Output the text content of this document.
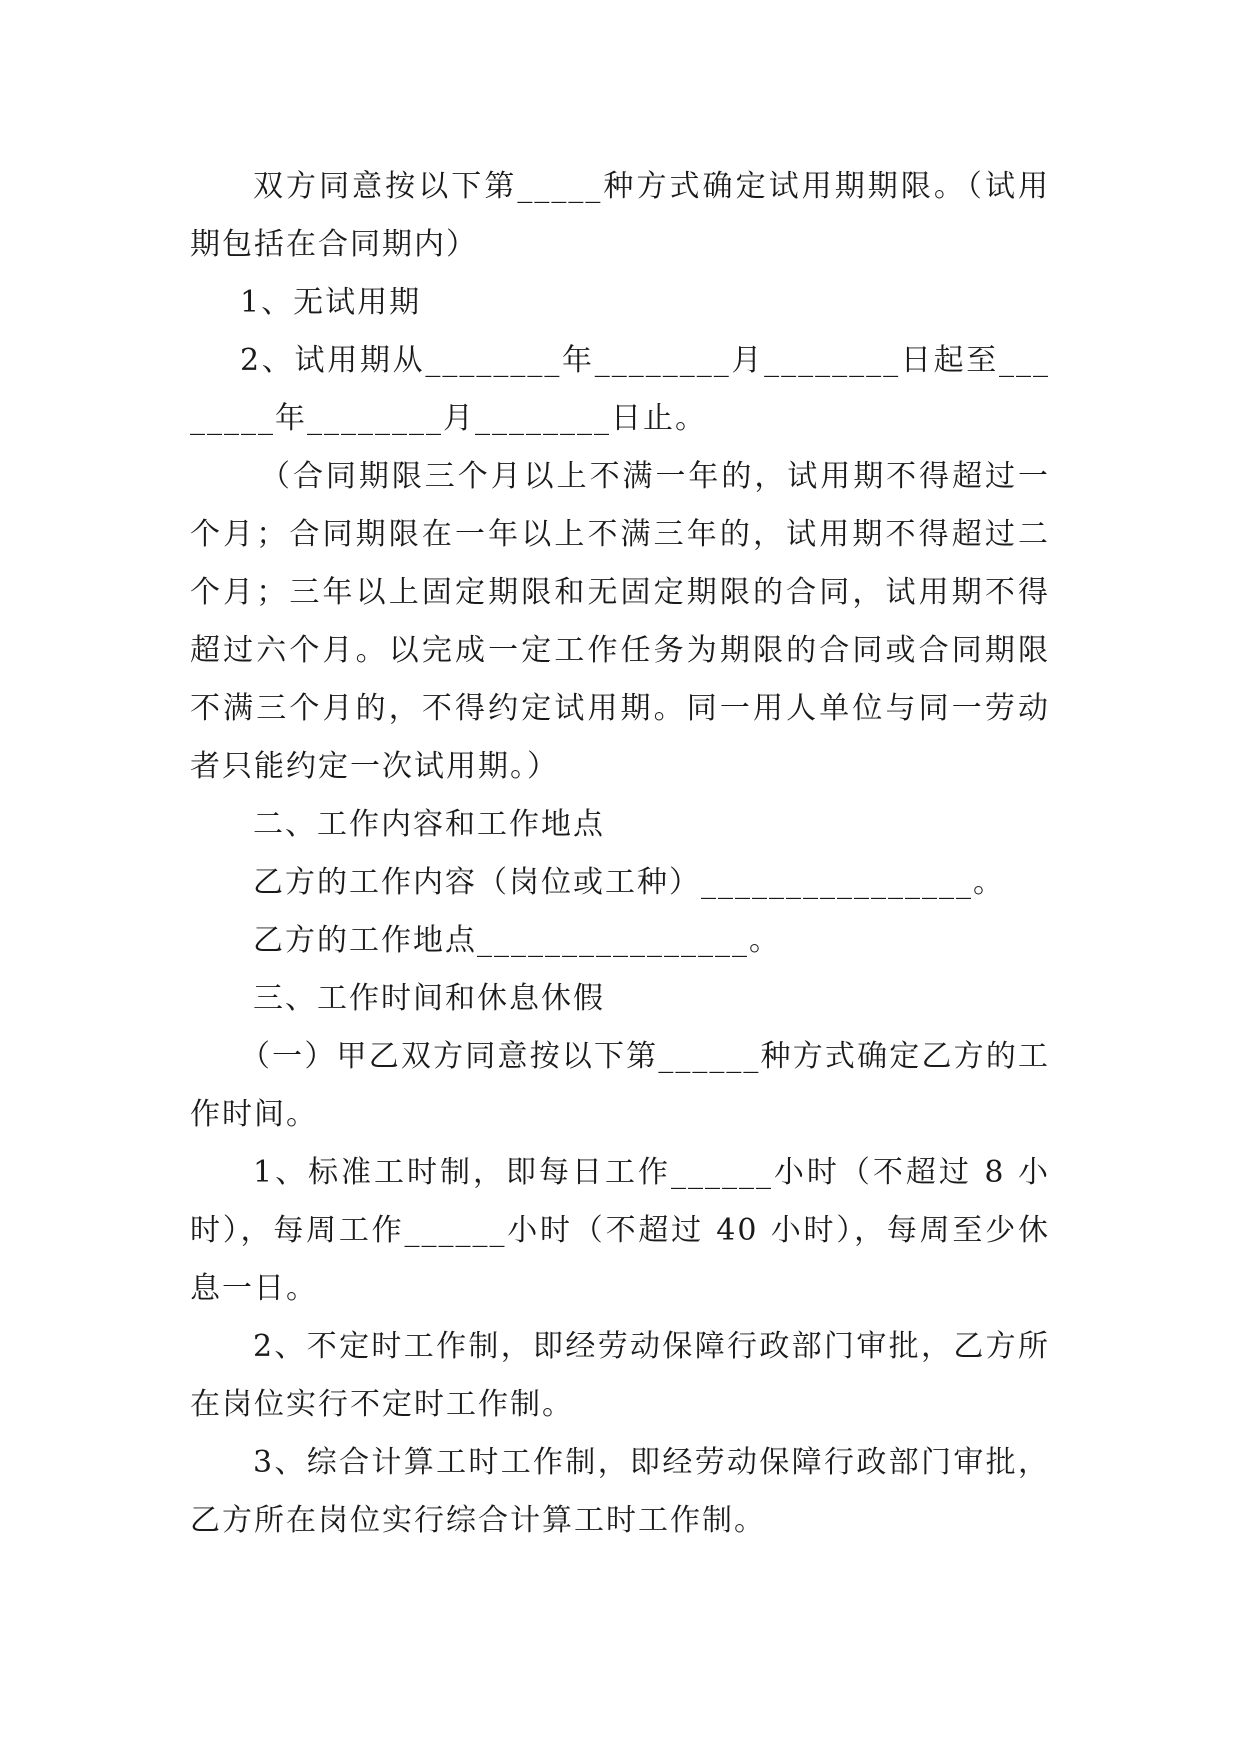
双方同意按以下第_____种方式确定试用期期限。（试用期包括在合同期内）

1、无试用期

2、试用期从________年________月________日起至________年________月________日止。

（合同期限三个月以上不满一年的，试用期不得超过一个月；合同期限在一年以上不满三年的，试用期不得超过二个月；三年以上固定期限和无固定期限的合同，试用期不得超过六个月。以完成一定工作任务为期限的合同或合同期限不满三个月的，不得约定试用期。同一用人单位与同一劳动者只能约定一次试用期。）

二、工作内容和工作地点

乙方的工作内容（岗位或工种）________________。

乙方的工作地点________________。

三、工作时间和休息休假

（一）甲乙双方同意按以下第______种方式确定乙方的工作时间。

1、标准工时制，即每日工作______小时（不超过 8 小时），每周工作______小时（不超过 40 小时），每周至少休息一日。

2、不定时工作制，即经劳动保障行政部门审批，乙方所在岗位实行不定时工作制。

3、综合计算工时工作制，即经劳动保障行政部门审批，乙方所在岗位实行综合计算工时工作制。
